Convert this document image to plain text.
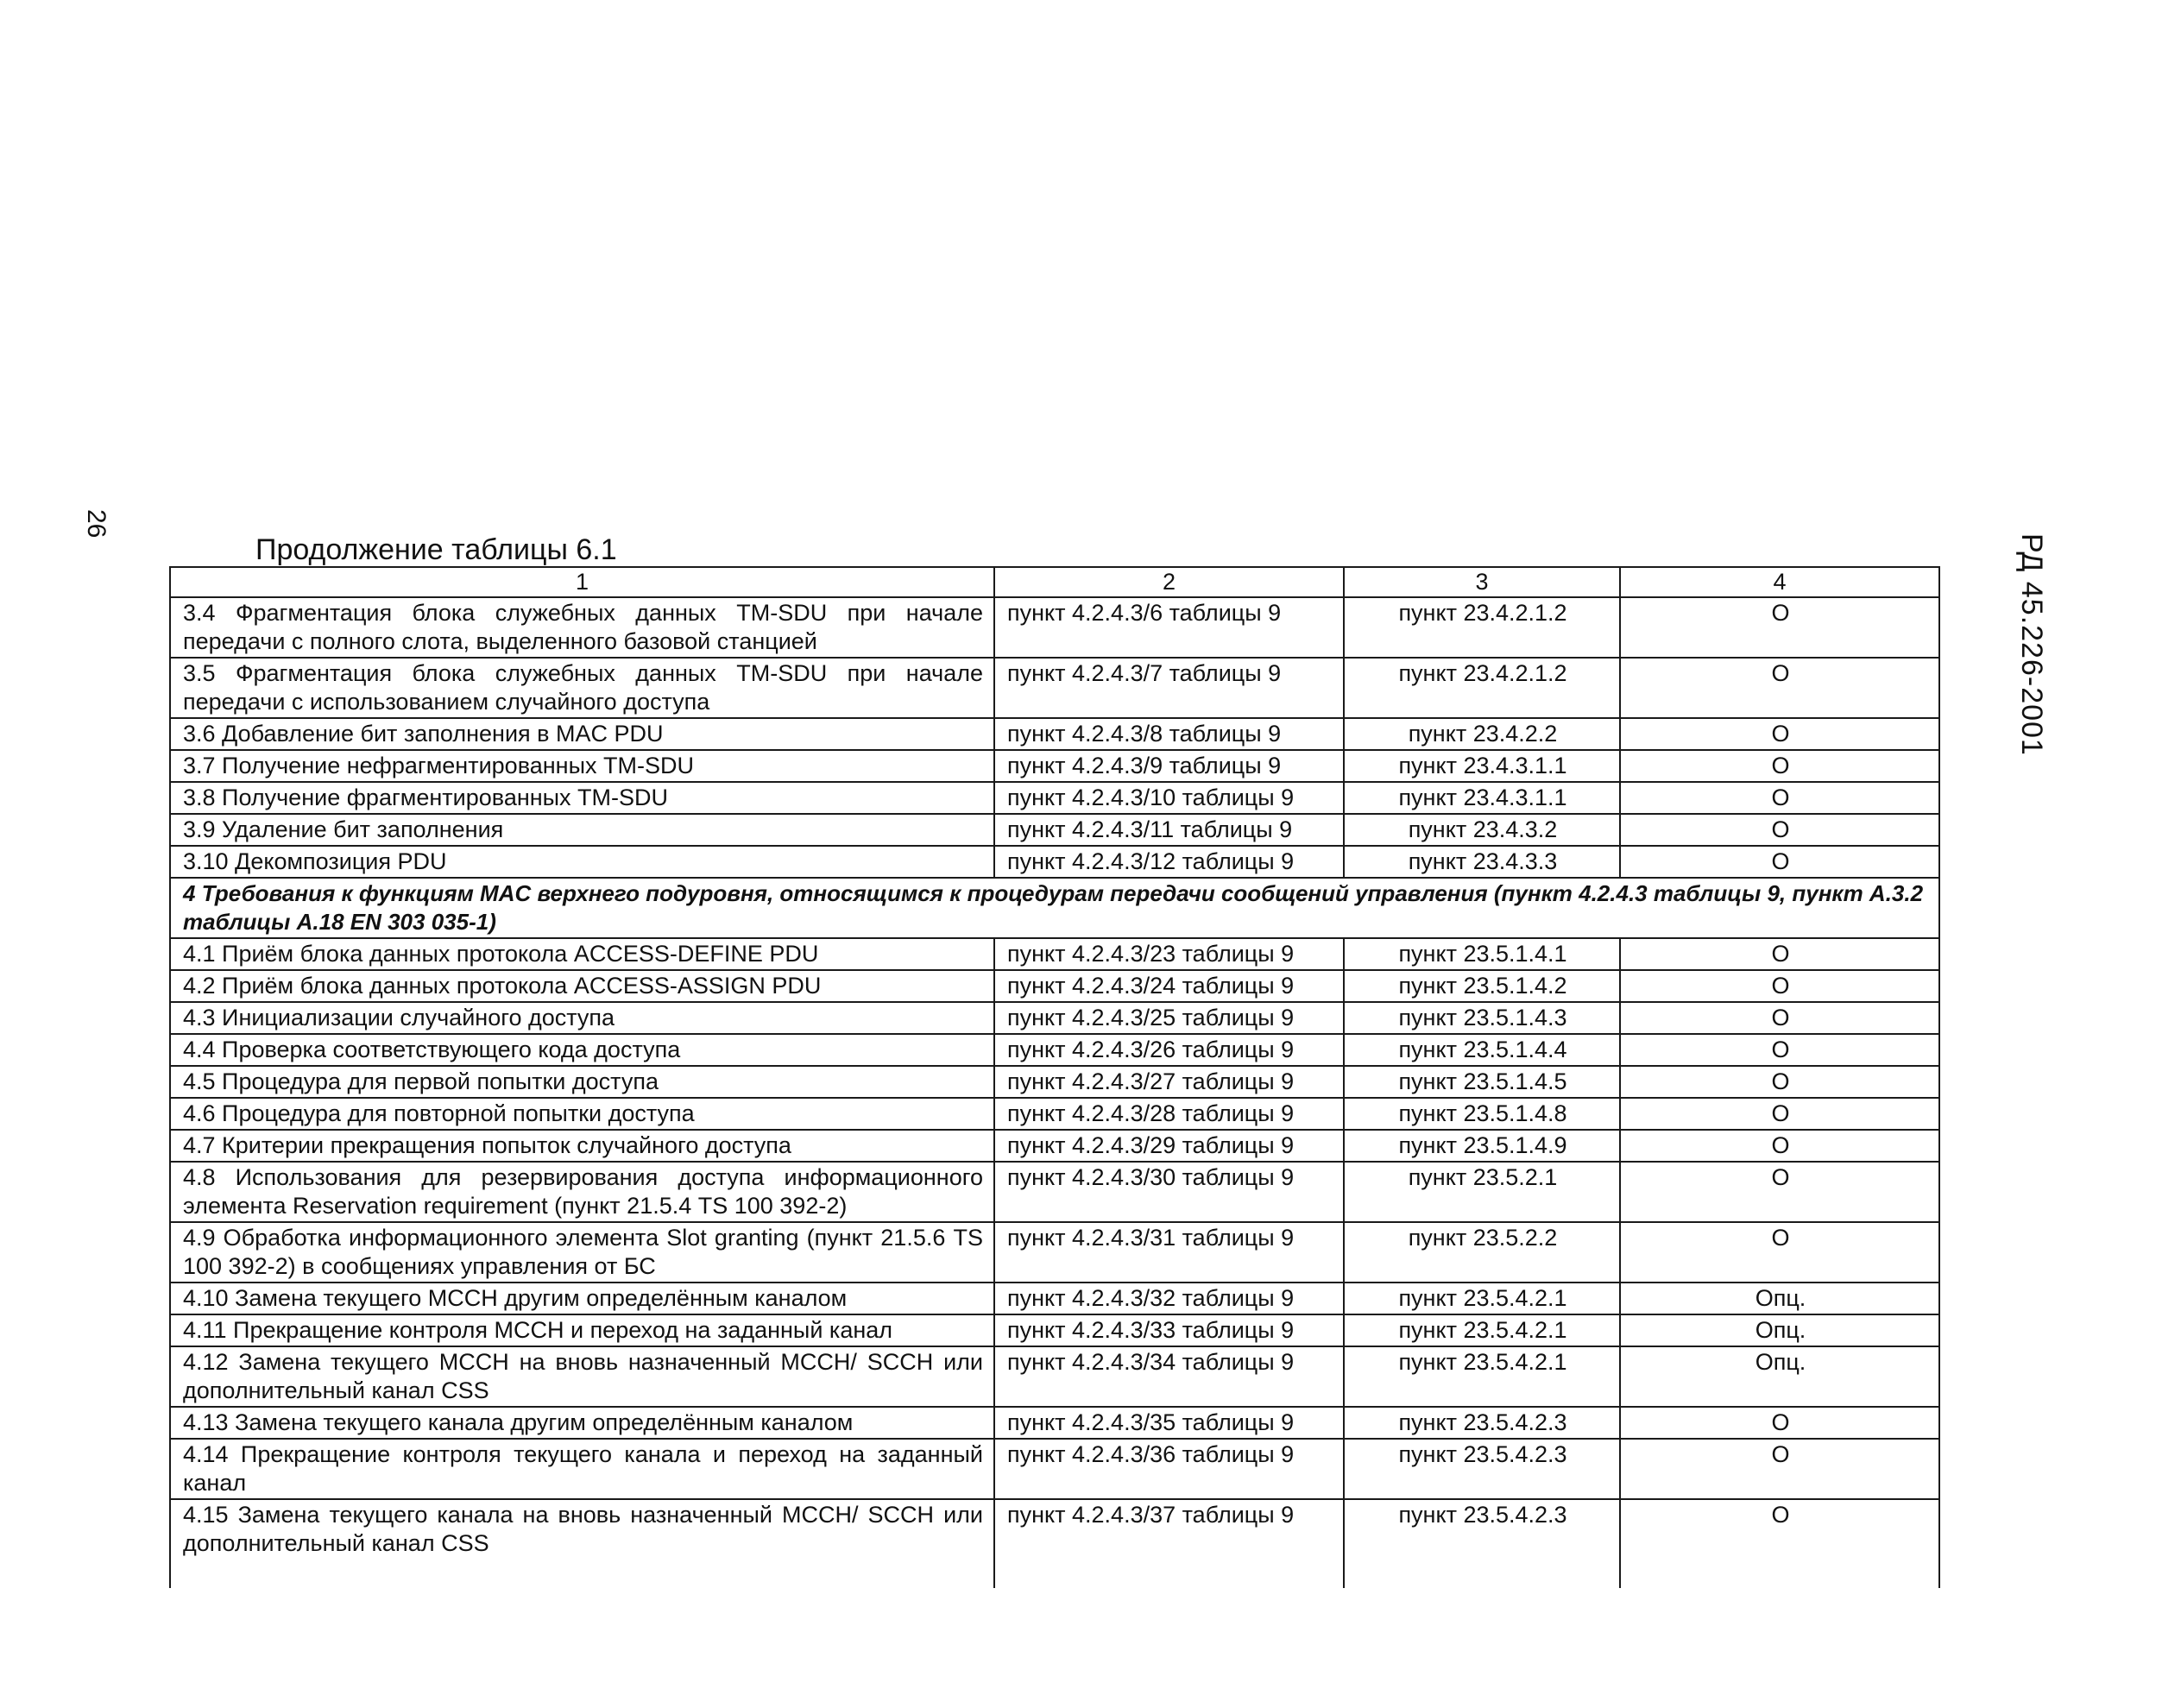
26
РД 45.226-2001
Продолжение таблицы 6.1
1	2	3	4
3.4 Фрагментация блока служебных данных TM-SDU при начале передачи с полного слота, выделенного базовой станцией	пункт 4.2.4.3/6 таблицы 9	пункт 23.4.2.1.2	О
3.5 Фрагментация блока служебных данных TM-SDU при начале передачи с использованием случайного доступа	пункт 4.2.4.3/7 таблицы 9	пункт 23.4.2.1.2	О
3.6 Добавление бит заполнения в MAC PDU	пункт 4.2.4.3/8 таблицы 9	пункт 23.4.2.2	О
3.7 Получение нефрагментированных TM-SDU	пункт 4.2.4.3/9 таблицы 9	пункт 23.4.3.1.1	О
3.8 Получение фрагментированных TM-SDU	пункт 4.2.4.3/10 таблицы 9	пункт 23.4.3.1.1	О
3.9 Удаление бит заполнения	пункт 4.2.4.3/11 таблицы 9	пункт 23.4.3.2	О
3.10 Декомпозиция PDU	пункт 4.2.4.3/12 таблицы 9	пункт 23.4.3.3	О
4 Требования к функциям MAC верхнего подуровня, относящимся к процедурам передачи сообщений управления (пункт 4.2.4.3 таблицы 9, пункт А.3.2 таблицы А.18 EN 303 035-1)			
4.1 Приём блока данных протокола ACCESS-DEFINE PDU	пункт 4.2.4.3/23 таблицы 9	пункт 23.5.1.4.1	О
4.2 Приём блока данных протокола ACCESS-ASSIGN PDU	пункт 4.2.4.3/24 таблицы 9	пункт 23.5.1.4.2	О
4.3 Инициализации случайного доступа	пункт 4.2.4.3/25 таблицы 9	пункт 23.5.1.4.3	О
4.4 Проверка соответствующего кода доступа	пункт 4.2.4.3/26 таблицы 9	пункт 23.5.1.4.4	О
4.5 Процедура для первой попытки доступа	пункт 4.2.4.3/27 таблицы 9	пункт 23.5.1.4.5	О
4.6 Процедура для повторной попытки доступа	пункт 4.2.4.3/28 таблицы 9	пункт 23.5.1.4.8	О
4.7 Критерии прекращения попыток случайного доступа	пункт 4.2.4.3/29 таблицы 9	пункт 23.5.1.4.9	О
4.8 Использования для резервирования доступа информационного элемента Reservation requirement (пункт 21.5.4 TS 100 392-2)	пункт 4.2.4.3/30 таблицы 9	пункт 23.5.2.1	О
4.9 Обработка информационного элемента Slot granting (пункт 21.5.6 TS 100 392-2) в сообщениях управления от БС	пункт 4.2.4.3/31 таблицы 9	пункт 23.5.2.2	О
4.10 Замена текущего MCCH другим определённым каналом	пункт 4.2.4.3/32 таблицы 9	пункт 23.5.4.2.1	Опц.
4.11 Прекращение контроля MCCH и переход на заданный канал	пункт 4.2.4.3/33 таблицы 9	пункт 23.5.4.2.1	Опц.
4.12 Замена текущего MCCH на вновь назначенный MCCH/ SCCH или дополнительный канал CSS	пункт 4.2.4.3/34 таблицы 9	пункт 23.5.4.2.1	Опц.
4.13 Замена текущего канала другим определённым каналом	пункт 4.2.4.3/35 таблицы 9	пункт 23.5.4.2.3	О
4.14 Прекращение контроля текущего канала и переход на заданный канал	пункт 4.2.4.3/36 таблицы 9	пункт 23.5.4.2.3	О
4.15 Замена текущего канала на вновь назначенный MCCH/ SCCH или дополнительный канал CSS	пункт 4.2.4.3/37 таблицы 9	пункт 23.5.4.2.3	О
